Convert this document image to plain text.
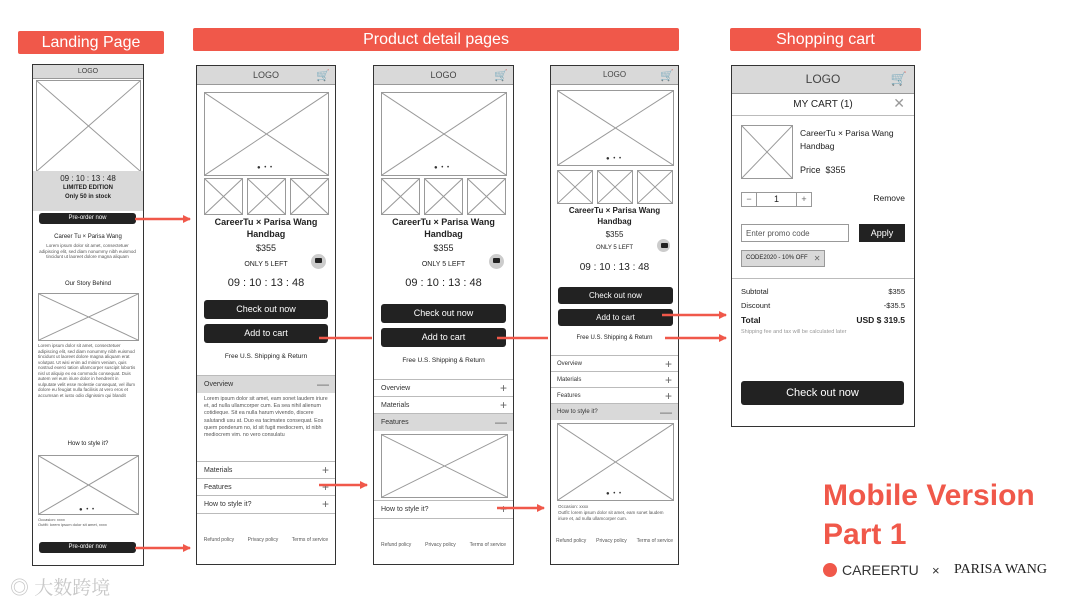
Landing Page	Product detail pages	Shopping cart
LOGO
09 : 10 : 13 : 48
LIMITED EDITION
Only 50 in stock
Pre-order now
Career Tu × Parisa Wang
Lorem ipsum dolor sit amet, consectetuer adipiscing elit, sed diam nonummy nibh euismod tincidunt ut laoreet dolore magna aliquam
Our Story Behind
Lorem ipsum dolor sit amet, consectetuer adipiscing elit, sed diam nonummy nibh euismod tincidunt ut laoreet dolore magna aliquam erat volutpat. Ut wisi enim ad minim veniam, quis nostrud exerci tation ullamcorper suscipit lobortis nisl ut aliquip ex ea commodo consequat. Duis autem vel eum iriure dolor in hendrerit in vulputate velit esse molestie consequat, vel illum dolore eu feugiat nulla facilisis at vero eros et accumsan et iusto odio dignissim qui blandit
How to style it?
● • •
Occasion: xxxx
Outfit: lorem ipsum dolor sit amet, xxxx
Pre-order now
LOGO	🛒
● • •
CareerTu × Parisa Wang
Handbag
$355
ONLY 5 LEFT
09 : 10 : 13 : 48
Check out now
Add to cart
Free U.S. Shipping & Return
Overview	—
Lorem ipsum dolor sit amet, eam sonet laudem iriure et, ad nulla ullamcorper cum. Ea sea nihil alienum cotidieque. Sit ea nulla harum vivendo, discere salutandi usu at. Duo ea tacimates consequat. Eos quem ponderum no, id sit fugit mediocrem, id nibh mediocrem vim. no vero consulatu
Materials	+
Features	+
How to style it?	+
Refund policy	Privacy policy	Terms of service
LOGO	🛒
● • •
CareerTu × Parisa Wang
Handbag
$355
ONLY 5 LEFT
09 : 10 : 13 : 48
Check out now
Add to cart
Free U.S. Shipping & Return
Overview	+
Materials	+
Features	—
How to style it?	+
Refund policy	Privacy policy	Terms of service
LOGO	🛒
● • •
CareerTu × Parisa Wang
Handbag
$355
ONLY 5 LEFT
09 : 10 : 13 : 48
Check out now
Add to cart
Free U.S. Shipping & Return
Overview	+
Materials	+
Features	+
How to style it?	—
● • •
Occasion: xxxx
Outfit: lorem ipsum dolor sit amet, eam sonet laudem iriure et, ad nulla ullamcorper cum.
Refund policy Privacy policy Terms of service
LOGO	🛒
MY CART (1)	✕
CareerTu × Parisa Wang
Handbag
Price $355
−	1	+	Remove
Enter promo code	Apply
CODE2020 - 10% OFF ✕
Subtotal	$355
Discount	-$35.5
Total	USD $ 319.5
Shipping fee and tax will be calculated later
Check out now
Mobile Version
Part 1
CAREERTU × PARISA WANG
◎ 大数跨境
